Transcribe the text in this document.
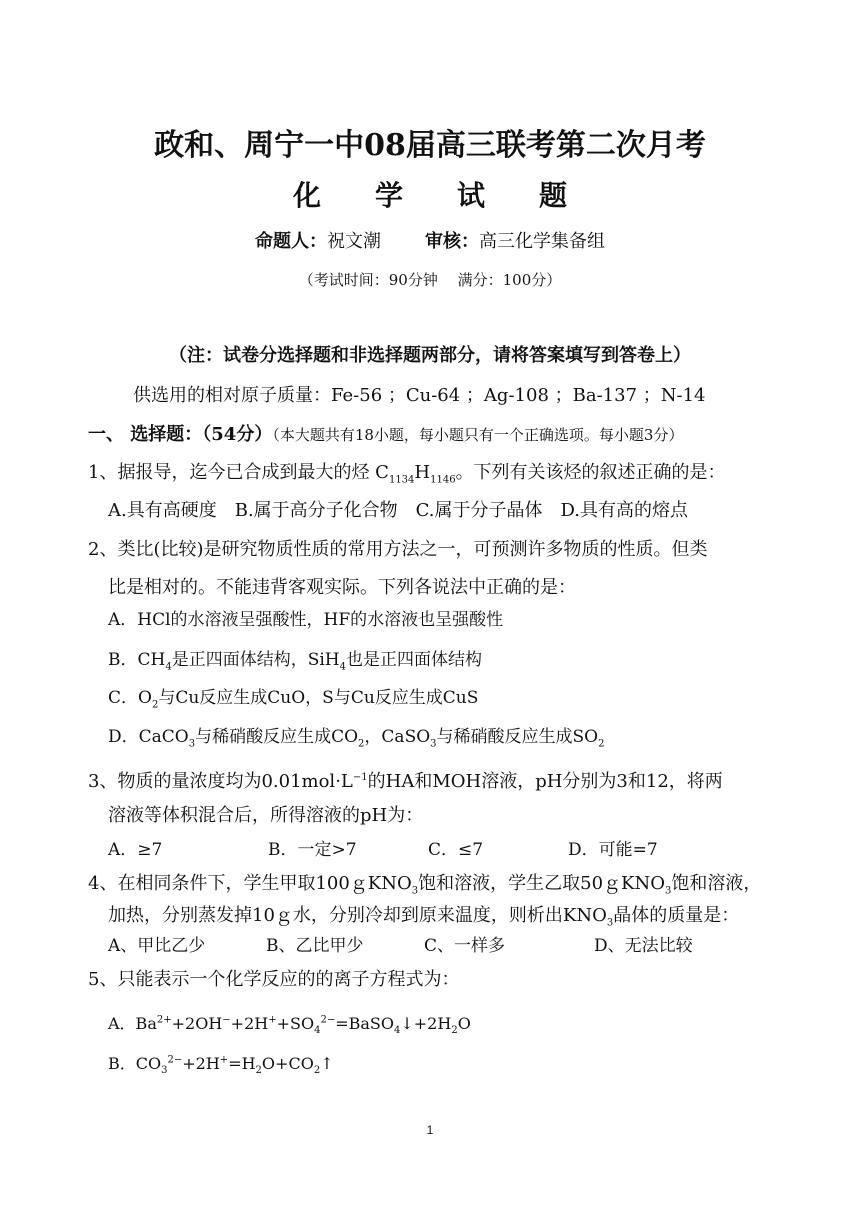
政和、周宁一中08届高三联考第二次月考
化 学 试 题
命题人：祝文潮 审核：高三化学集备组
（考试时间：90分钟　 满分：100分）
（注：试卷分选择题和非选择题两部分，请将答案填写到答卷上）
供选用的相对原子质量：Fe-56 ；Cu-64 ；Ag-108 ；Ba-137 ；N-14
一、 选择题：（54分）（本大题共有18小题，每小题只有一个正确选项。每小题3分）
1、据报导，迄今已合成到最大的烃 $C_{1134}H_{1146}$。下列有关该烃的叙述正确的是：
A.具有高硬度　B.属于高分子化合物　C.属于分子晶体　D.具有高的熔点
2、类比(比较)是研究物质性质的常用方法之一，可预测许多物质的性质。但类
比是相对的。不能违背客观实际。下列各说法中正确的是：
A．HCl的水溶液呈强酸性，HF的水溶液也呈强酸性
B．$CH_4$是正四面体结构，SiH$_4$也是正四面体结构
C．$O_2$与Cu反应生成CuO，S与Cu反应生成CuS
D．CaCO$_3$与稀硝酸反应生成$CO_2$，CaSO$_3$与稀硝酸反应生成$SO_2$
3、物质的量浓度均为$0.01mol\cdot L^{-1}$的HA和MOH溶液，pH分别为3和12，将两
溶液等体积混合后，所得溶液的pH为：
A．≥7	B．一定>7	C．≤7	D．可能=7
4、在相同条件下，学生甲取100ｇKNO$_3$饱和溶液，学生乙取50ｇKNO$_3$饱和溶液，
加热，分别蒸发掉10ｇ水，分别冷却到原来温度，则析出$KNO_3$晶体的质量是：
A、甲比乙少	B、乙比甲少	C、一样多	D、无法比较
5、只能表示一个化学反应的的离子方程式为：
A．$Ba^{2+}+2OH^-+2H^++SO_4^{2-}=BaSO_4↓+2H_2O$
B．$CO_3^{2-}+2H^+=H_2O+CO_2↑$
1
